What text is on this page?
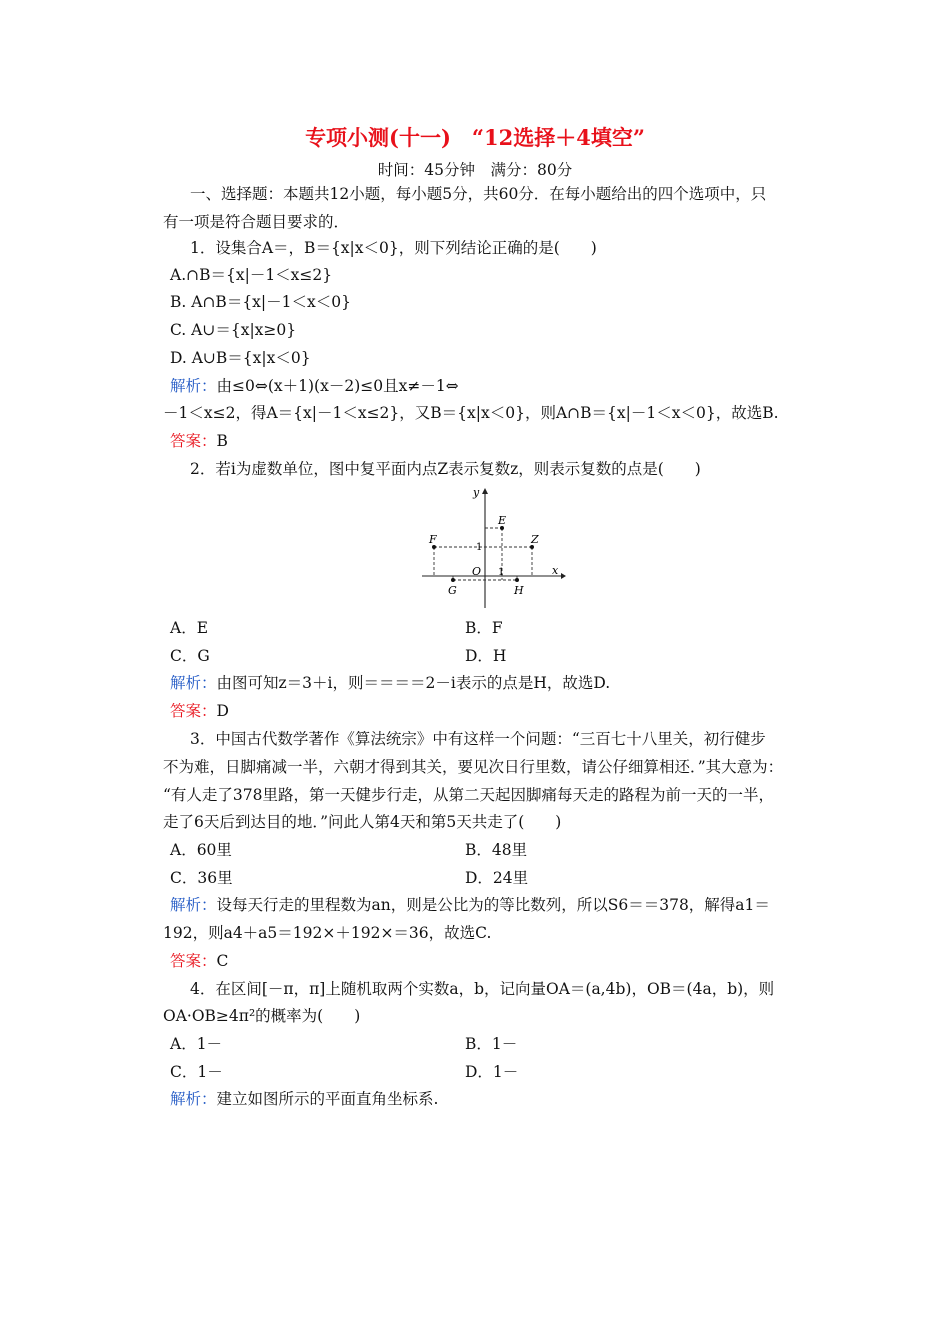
专项小测(十一)　“12选择＋4填空”
时间：45分钟　满分：80分
一、选择题：本题共12小题，每小题5分，共60分．在每小题给出的四个选项中，只
有一项是符合题目要求的．
1．设集合A＝，B＝{x|x＜0}，则下列结论正确的是(　　)
A.∩B＝{x|－1＜x≤2}
B. A∩B＝{x|－1＜x＜0}
C. A∪＝{x|x≥0}
D. A∪B＝{x|x＜0}
解析：由≤0⇔(x＋1)(x－2)≤0且x≠－1⇔
－1＜x≤2，得A＝{x|－1＜x≤2}，又B＝{x|x＜0}，则A∩B＝{x|－1＜x＜0}，故选B.
答案：B
2．若i为虚数单位，图中复平面内点Z表示复数z，则表示复数的点是(　　)
y
x
O 1
1
E
F	Z
G	H
A．E	B．F
C．G	D．H
解析：由图可知z＝3＋i，则＝＝＝＝2－i表示的点是H，故选D.
答案：D
3．中国古代数学著作《算法统宗》中有这样一个问题：“三百七十八里关，初行健步
不为难，日脚痛减一半，六朝才得到其关，要见次日行里数，请公仔细算相还．”其大意为：
“有人走了378里路，第一天健步行走，从第二天起因脚痛每天走的路程为前一天的一半，
走了6天后到达目的地．”问此人第4天和第5天共走了(　　)
A．60里	B．48里
C．36里	D．24里
解析：设每天行走的里程数为an，则是公比为的等比数列，所以S6＝＝378，解得a1＝
192，则a4＋a5＝192×＋192×＝36，故选C.
答案：C
4．在区间[－π，π]上随机取两个实数a，b，记向量OA＝(a,4b)，OB＝(4a，b)，则
OA·OB≥4π²的概率为(　　)
A．1－	B．1－
C．1－	D．1－
解析：建立如图所示的平面直角坐标系.
